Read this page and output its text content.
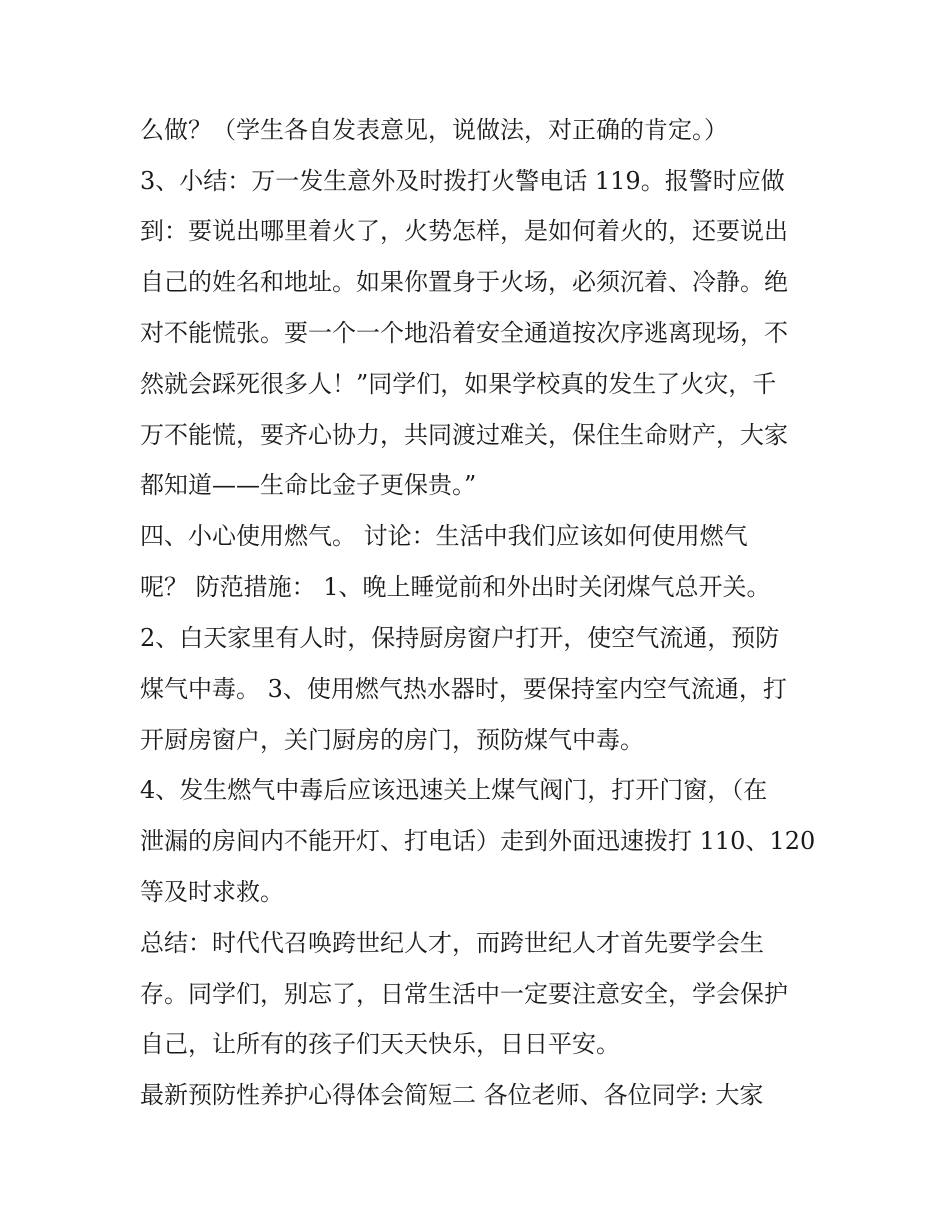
么做？（学生各自发表意见，说做法，对正确的肯定。）

3、小结：万一发生意外及时拨打火警电话 119。报警时应做

到：要说出哪里着火了，火势怎样，是如何着火的，还要说出

自己的姓名和地址。如果你置身于火场，必须沉着、冷静。绝

对不能慌张。要一个一个地沿着安全通道按次序逃离现场，不

然就会踩死很多人！”同学们，如果学校真的发生了火灾，千

万不能慌，要齐心协力，共同渡过难关，保住生命财产，大家

都知道——生命比金子更保贵。”

四、小心使用燃气。 讨论：生活中我们应该如何使用燃气

呢？ 防范措施： 1、晚上睡觉前和外出时关闭煤气总开关。

2、白天家里有人时，保持厨房窗户打开，使空气流通，预防

煤气中毒。 3、使用燃气热水器时，要保持室内空气流通，打

开厨房窗户，关门厨房的房门，预防煤气中毒。

4、发生燃气中毒后应该迅速关上煤气阀门，打开门窗，（在

泄漏的房间内不能开灯、打电话）走到外面迅速拨打 110、120

等及时求救。

总结：时代代召唤跨世纪人才，而跨世纪人才首先要学会生

存。同学们，别忘了，日常生活中一定要注意安全，学会保护

自己，让所有的孩子们天天快乐，日日平安。

最新预防性养护心得体会简短二 各位老师、各位同学: 大家
